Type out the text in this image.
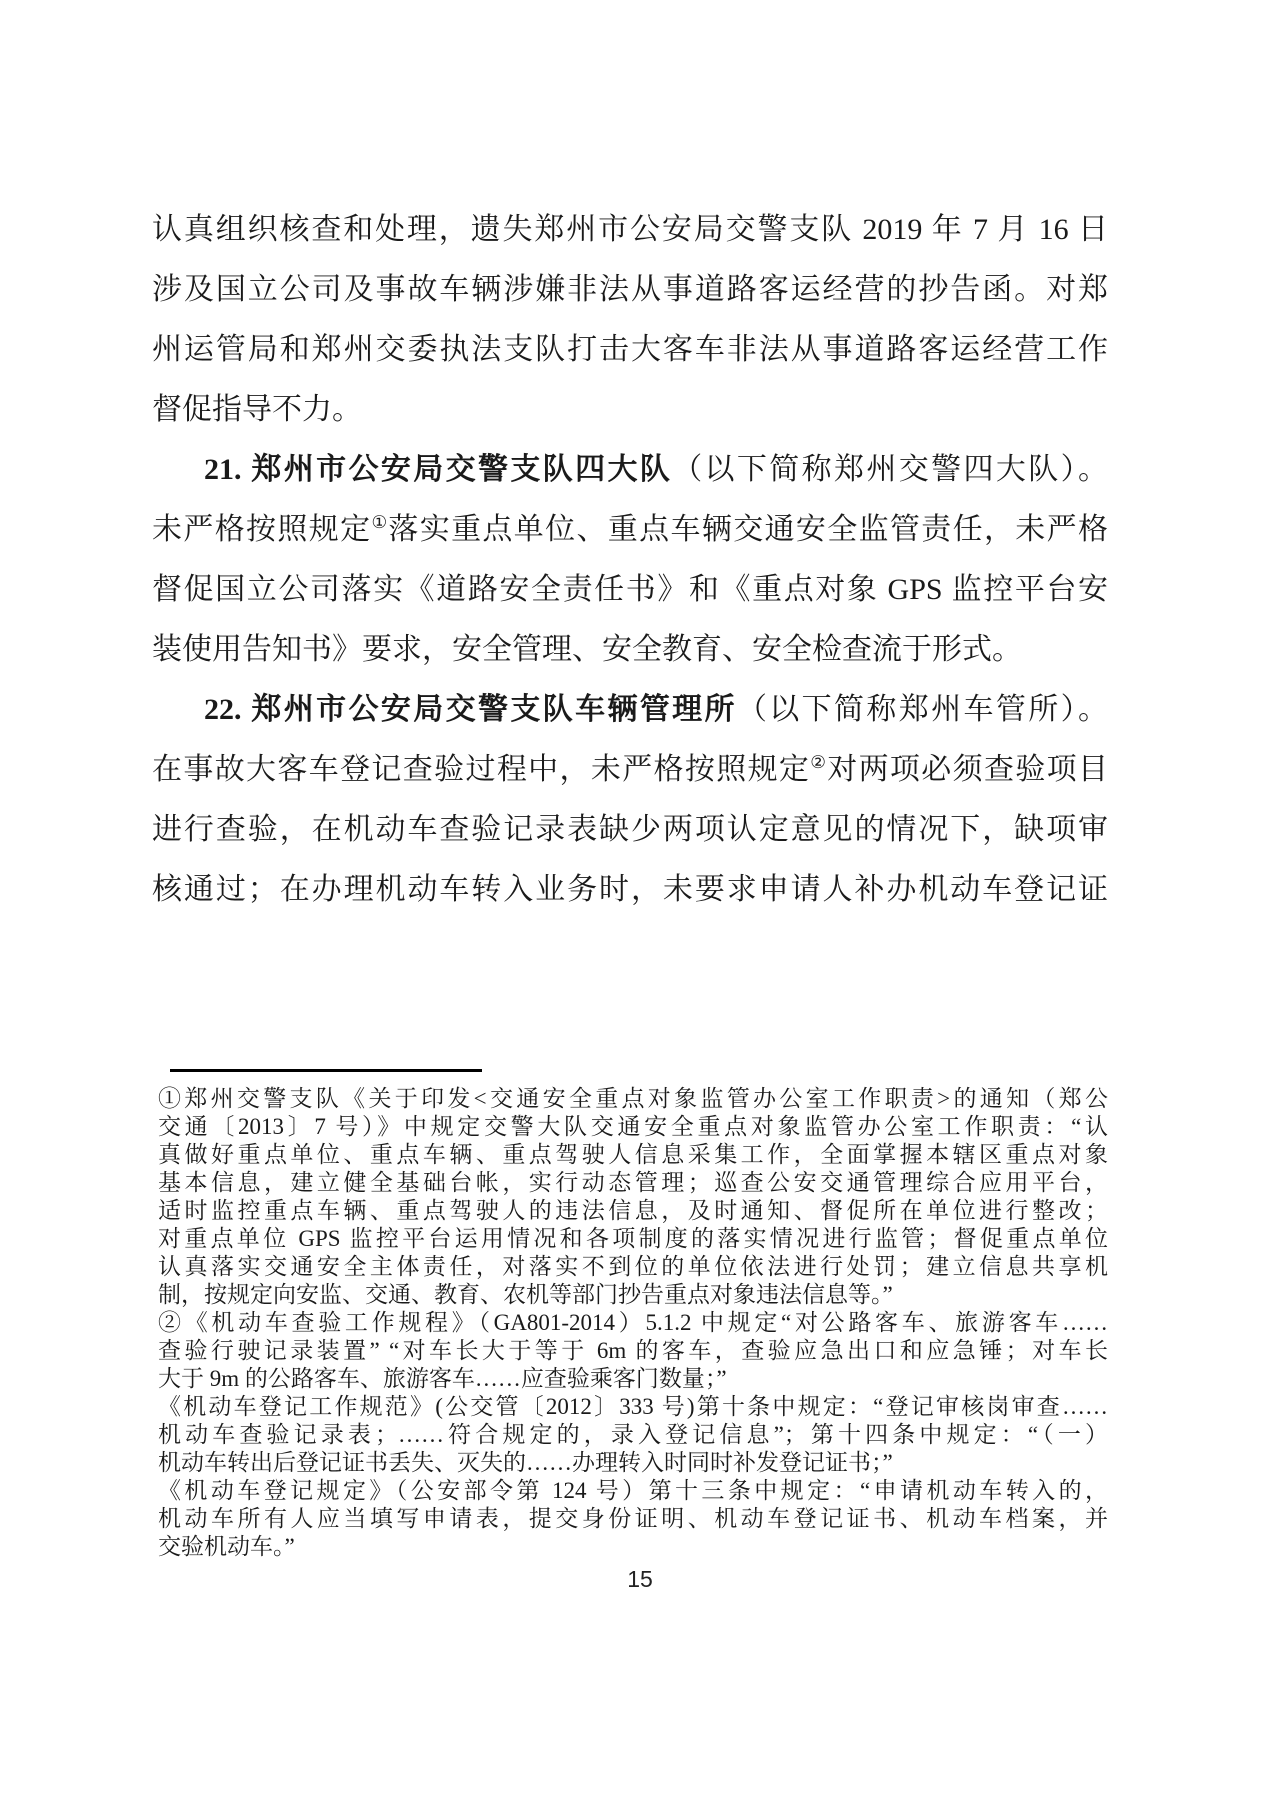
认真组织核查和处理，遗失郑州市公安局交警支队 2019 年 7 月 16 日
涉及国立公司及事故车辆涉嫌非法从事道路客运经营的抄告函。对郑
州运管局和郑州交委执法支队打击大客车非法从事道路客运经营工作
督促指导不力。
21. 郑州市公安局交警支队四大队（以下简称郑州交警四大队）。
未严格按照规定①落实重点单位、重点车辆交通安全监管责任，未严格
督促国立公司落实《道路安全责任书》和《重点对象 GPS 监控平台安
装使用告知书》要求，安全管理、安全教育、安全检查流于形式。
22. 郑州市公安局交警支队车辆管理所（以下简称郑州车管所）。
在事故大客车登记查验过程中，未严格按照规定②对两项必须查验项目
进行查验，在机动车查验记录表缺少两项认定意见的情况下，缺项审
核通过；在办理机动车转入业务时，未要求申请人补办机动车登记证
①郑州交警支队《关于印发<交通安全重点对象监管办公室工作职责>的通知（郑公
交通〔2013〕7 号）》中规定交警大队交通安全重点对象监管办公室工作职责：“认
真做好重点单位、重点车辆、重点驾驶人信息采集工作，全面掌握本辖区重点对象
基本信息，建立健全基础台帐，实行动态管理；巡查公安交通管理综合应用平台，
适时监控重点车辆、重点驾驶人的违法信息，及时通知、督促所在单位进行整改；
对重点单位 GPS 监控平台运用情况和各项制度的落实情况进行监管；督促重点单位
认真落实交通安全主体责任，对落实不到位的单位依法进行处罚；建立信息共享机
制，按规定向安监、交通、教育、农机等部门抄告重点对象违法信息等。”
②《机动车查验工作规程》（GA801-2014）5.1.2 中规定“对公路客车、旅游客车……
查验行驶记录装置” “对车长大于等于 6m 的客车，查验应急出口和应急锤；对车长
大于 9m 的公路客车、旅游客车……应查验乘客门数量；”
《机动车登记工作规范》(公交管〔2012〕333 号)第十条中规定：“登记审核岗审查……
机动车查验记录表；……符合规定的，录入登记信息”；第十四条中规定：“（一）
机动车转出后登记证书丢失、灭失的……办理转入时同时补发登记证书；”
《机动车登记规定》（公安部令第 124 号）第十三条中规定：“申请机动车转入的，
机动车所有人应当填写申请表，提交身份证明、机动车登记证书、机动车档案，并
交验机动车。”
15
